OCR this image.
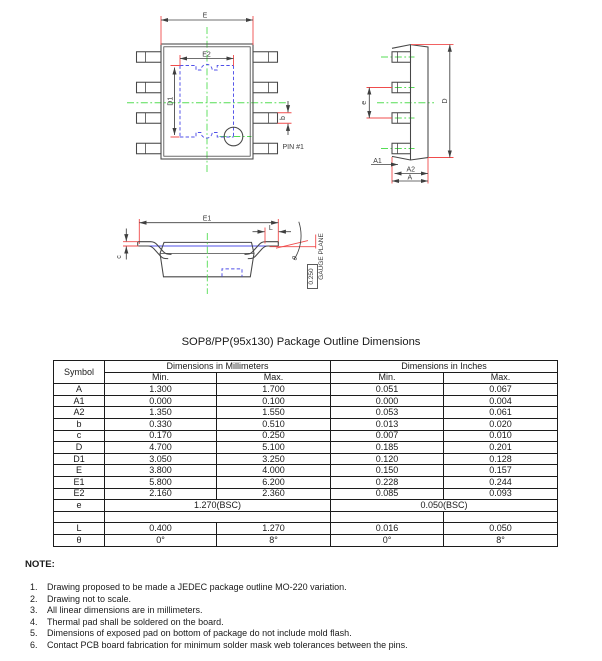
E
E2
D1
b
PIN #1
e	D
A1
A2
A
E1
c
L
θ
0.250 GAUGE PLANE
SOP8/PP(95x130) Package Outline Dimensions
Symbol	Dimensions in Millimeters		Dimensions in Inches	
	Min.	Max.	Min.	Max.
A	1.300	1.700	0.051	0.067
A1	0.000	0.100	0.000	0.004
A2	1.350	1.550	0.053	0.061
b	0.330	0.510	0.013	0.020
c	0.170	0.250	0.007	0.010
D	4.700	5.100	0.185	0.201
D1	3.050	3.250	0.120	0.128
E	3.800	4.000	0.150	0.157
E1	5.800	6.200	0.228	0.244
E2	2.160	2.360	0.085	0.093
e	1.270(BSC)		0.050(BSC)	

L	0.400	1.270	0.016	0.050
θ	0°	8°	0°	8°
NOTE:
1.	Drawing proposed to be made a JEDEC package outline MO-220 variation.
2.	Drawing not to scale.
3.	All linear dimensions are in millimeters.
4.	Thermal pad shall be soldered on the board.
5.	Dimensions of exposed pad on bottom of package do not include mold flash.
6.	Contact PCB board fabrication for minimum solder mask web tolerances between the pins.
